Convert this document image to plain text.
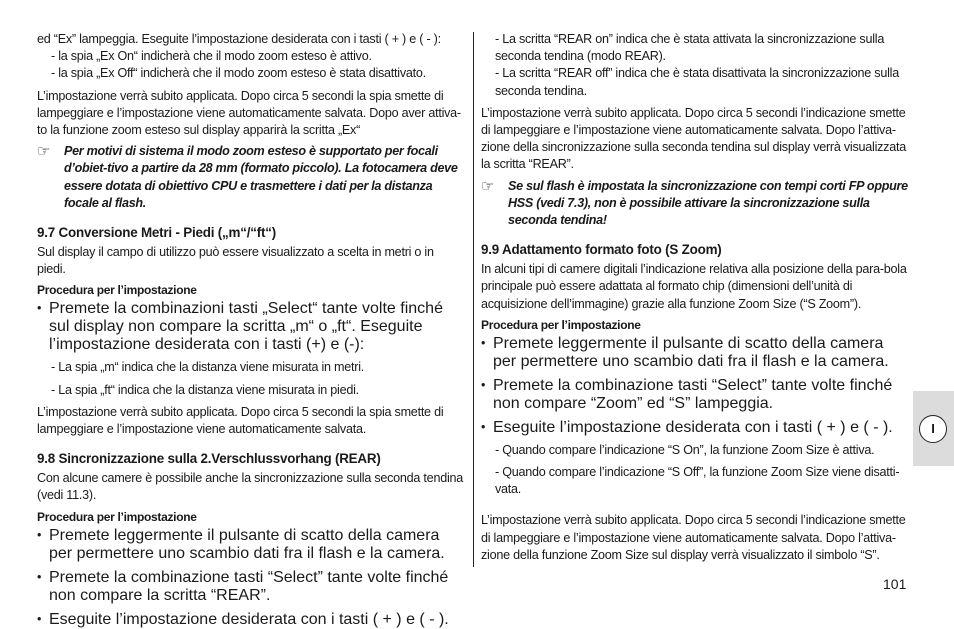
ed “Ex” lampeggia. Eseguite l’impostazione desiderata con i tasti ( + ) e ( - ):

- la spia „Ex On“ indicherà che il modo zoom esteso è attivo.

- la spia „Ex Off“ indicherà che il modo zoom esteso è stata disattivato.

L’impostazione verrà subito applicata. Dopo circa 5 secondi la spia smette di lampeggiare e l’impostazione viene automaticamente salvata. Dopo aver attiva-to la funzione zoom esteso sul display apparirà la scritta „Ex“

☞	Per motivi di sistema il modo zoom esteso è supportato per focali d’obiet-tivo a partire da 28 mm (formato piccolo). La fotocamera deve essere dotata di obiettivo CPU e trasmettere i dati per la distanza focale al flash.
9.7 Conversione Metri - Piedi („m“/“ft“)

Sul display il campo di utilizzo può essere visualizzato a scelta in metri o in piedi.

Procedura per l’impostazione
• Premete la combinazioni tasti „Select“ tante volte finché sul display non compare la scritta „m“ o „ft“. Eseguite l’impostazione desiderata con i tasti (+) e (-):

- La spia „m“ indica che la distanza viene misurata in metri.

- La spia „ft“ indica che la distanza viene misurata in piedi.

L’impostazione verrà subito applicata. Dopo circa 5 secondi la spia smette di lampeggiare e l’impostazione viene automaticamente salvata.

9.8 Sincronizzazione sulla 2.Verschlussvorhang (REAR)

Con alcune camere è possibile anche la sincronizzazione sulla seconda tendina (vedi 11.3).

Procedura per l’impostazione
• Premete leggermente il pulsante di scatto della camera per permettere uno scambio dati fra il flash e la camera.
• Premete la combinazione tasti “Select” tante volte finché non compare la scritta “REAR”.
• Eseguite l’impostazione desiderata con i tasti ( + ) e ( - ).

- La scritta “REAR on” indica che è stata attivata la sincronizzazione sulla seconda tendina (modo REAR).

- La scritta “REAR off” indica che è stata disattivata la sincronizzazione sulla seconda tendina.

L’impostazione verrà subito applicata. Dopo circa 5 secondi l’indicazione smette di lampeggiare e l’impostazione viene automaticamente salvata. Dopo l’attiva-zione della sincronizzazione sulla seconda tendina sul display verrà visualizzata la scritta “REAR”.

☞	Se sul flash è impostata la sincronizzazione con tempi corti FP oppure HSS (vedi 7.3), non è possibile attivare la sincronizzazione sulla seconda tendina!
9.9 Adattamento formato foto (S Zoom)

In alcuni tipi di camere digitali l’indicazione relativa alla posizione della para-bola principale può essere adattata al formato chip (dimensioni dell’unità di acquisizione dell’immagine) grazie alla funzione Zoom Size (“S Zoom”).

Procedura per l’impostazione
• Premete leggermente il pulsante di scatto della camera per permettere uno scambio dati fra il flash e la camera.
• Premete la combinazione tasti “Select” tante volte finché non compare “Zoom” ed “S” lampeggia.
• Eseguite l’impostazione desiderata con i tasti ( + ) e ( - ).

- Quando compare l’indicazione “S On”, la funzione Zoom Size è attiva.

- Quando compare l’indicazione “S Off”, la funzione Zoom Size viene disatti-vata.

L’impostazione verrà subito applicata. Dopo circa 5 secondi l’indicazione smette di lampeggiare e l’impostazione viene automaticamente salvata. Dopo l’attiva-zione della funzione Zoom Size sul display verrà visualizzato il simbolo “S”.

I
101
